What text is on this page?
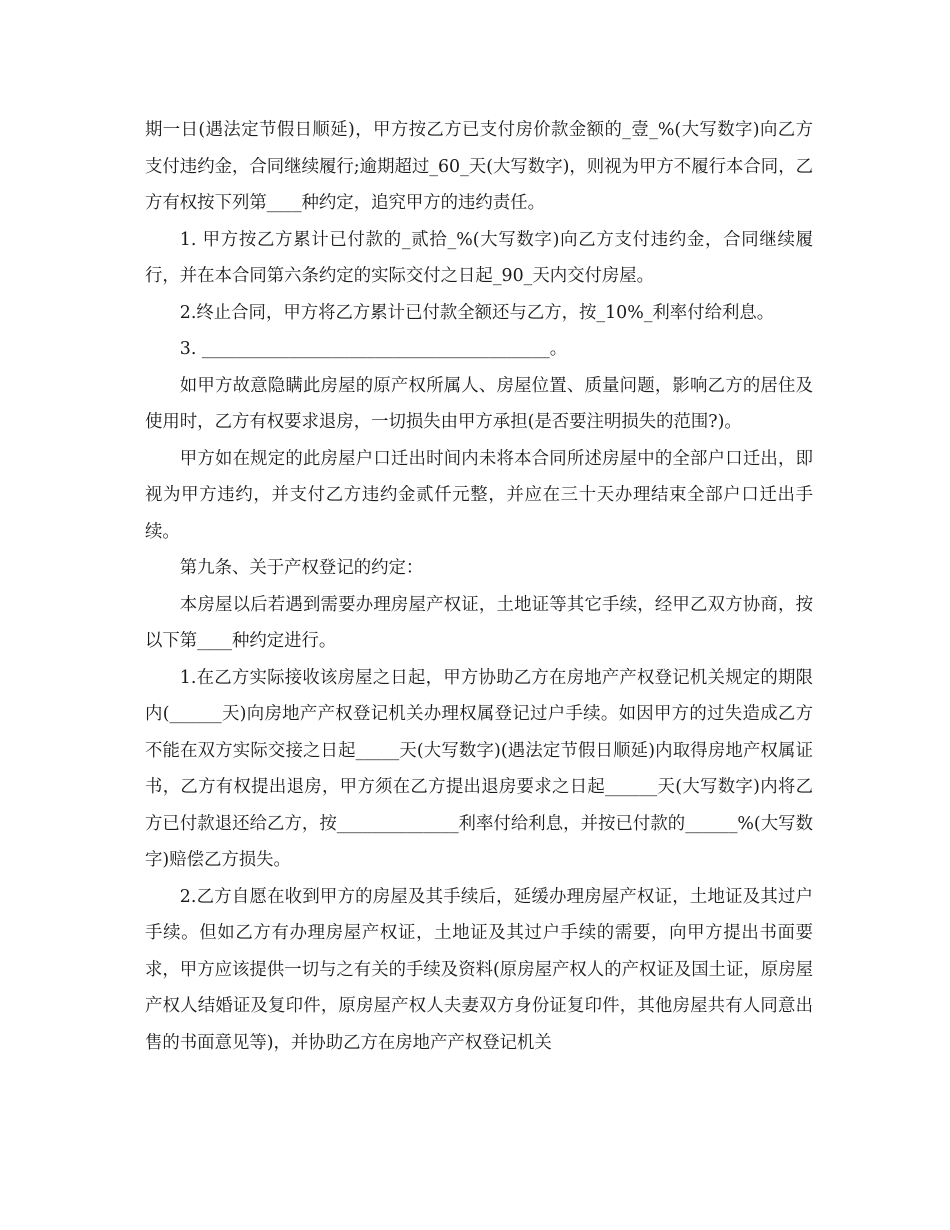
期一日(遇法定节假日顺延)，甲方按乙方已支付房价款金额的_壹_%(大写数字)向乙方支付违约金，合同继续履行;逾期超过_60_天(大写数字)，则视为甲方不履行本合同，乙方有权按下列第____种约定，追究甲方的违约责任。

1. 甲方按乙方累计已付款的_贰拾_%(大写数字)向乙方支付违约金，合同继续履行，并在本合同第六条约定的实际交付之日起_90_天内交付房屋。

2.终止合同，甲方将乙方累计已付款全额还与乙方，按_10%_利率付给利息。

3. ________________________________________。

如甲方故意隐瞒此房屋的原产权所属人、房屋位置、质量问题，影响乙方的居住及使用时，乙方有权要求退房，一切损失由甲方承担(是否要注明损失的范围?)。

甲方如在规定的此房屋户口迁出时间内未将本合同所述房屋中的全部户口迁出，即视为甲方违约，并支付乙方违约金贰仟元整，并应在三十天办理结束全部户口迁出手续。

第九条、关于产权登记的约定：

本房屋以后若遇到需要办理房屋产权证，土地证等其它手续，经甲乙双方协商，按以下第____种约定进行。

1.在乙方实际接收该房屋之日起，甲方协助乙方在房地产产权登记机关规定的期限内(______天)向房地产产权登记机关办理权属登记过户手续。如因甲方的过失造成乙方不能在双方实际交接之日起_____天(大写数字)(遇法定节假日顺延)内取得房地产权属证书，乙方有权提出退房，甲方须在乙方提出退房要求之日起______天(大写数字)内将乙方已付款退还给乙方，按______________利率付给利息，并按已付款的______%(大写数字)赔偿乙方损失。

2.乙方自愿在收到甲方的房屋及其手续后，延缓办理房屋产权证，土地证及其过户手续。但如乙方有办理房屋产权证，土地证及其过户手续的需要，向甲方提出书面要求，甲方应该提供一切与之有关的手续及资料(原房屋产权人的产权证及国土证，原房屋产权人结婚证及复印件，原房屋产权人夫妻双方身份证复印件，其他房屋共有人同意出售的书面意见等)，并协助乙方在房地产产权登记机关
